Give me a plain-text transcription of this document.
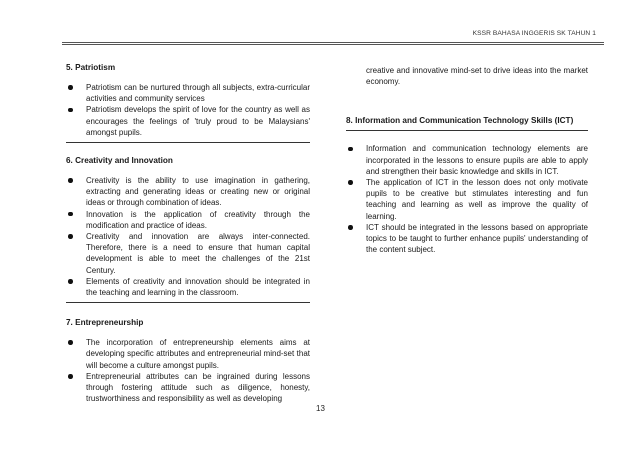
KSSR BAHASA INGGERIS SK TAHUN 1
5. Patriotism
Patriotism can be nurtured through all subjects, extra-curricular activities and community services
Patriotism develops the spirit of love for the country as well as encourages the feelings of 'truly proud to be Malaysians' amongst pupils.
6. Creativity and Innovation
Creativity is the ability to use imagination in gathering, extracting and generating ideas or creating new or original ideas or through combination of ideas.
Innovation is the application of creativity through the modification and practice of ideas.
Creativity and innovation are always inter-connected. Therefore, there is a need to ensure that human capital development is able to meet the challenges of the 21st Century.
Elements of creativity and innovation should be integrated in the teaching and learning in the classroom.
7. Entrepreneurship
The incorporation of entrepreneurship elements aims at developing specific attributes and entrepreneurial mind-set that will become a culture amongst pupils.
Entrepreneurial attributes can be ingrained during lessons through fostering attitude such as diligence, honesty, trustworthiness and responsibility as well as developing
creative and innovative mind-set to drive ideas into the market economy.
8. Information and Communication Technology Skills (ICT)
Information and communication technology elements are incorporated in the lessons to ensure pupils are able to apply and strengthen their basic knowledge and skills in ICT.
The application of ICT in the lesson does not only motivate pupils to be creative but stimulates interesting and fun teaching and learning as well as improve the quality of learning.
ICT should be integrated in the lessons based on appropriate topics to be taught to further enhance pupils' understanding of the content subject.
13
